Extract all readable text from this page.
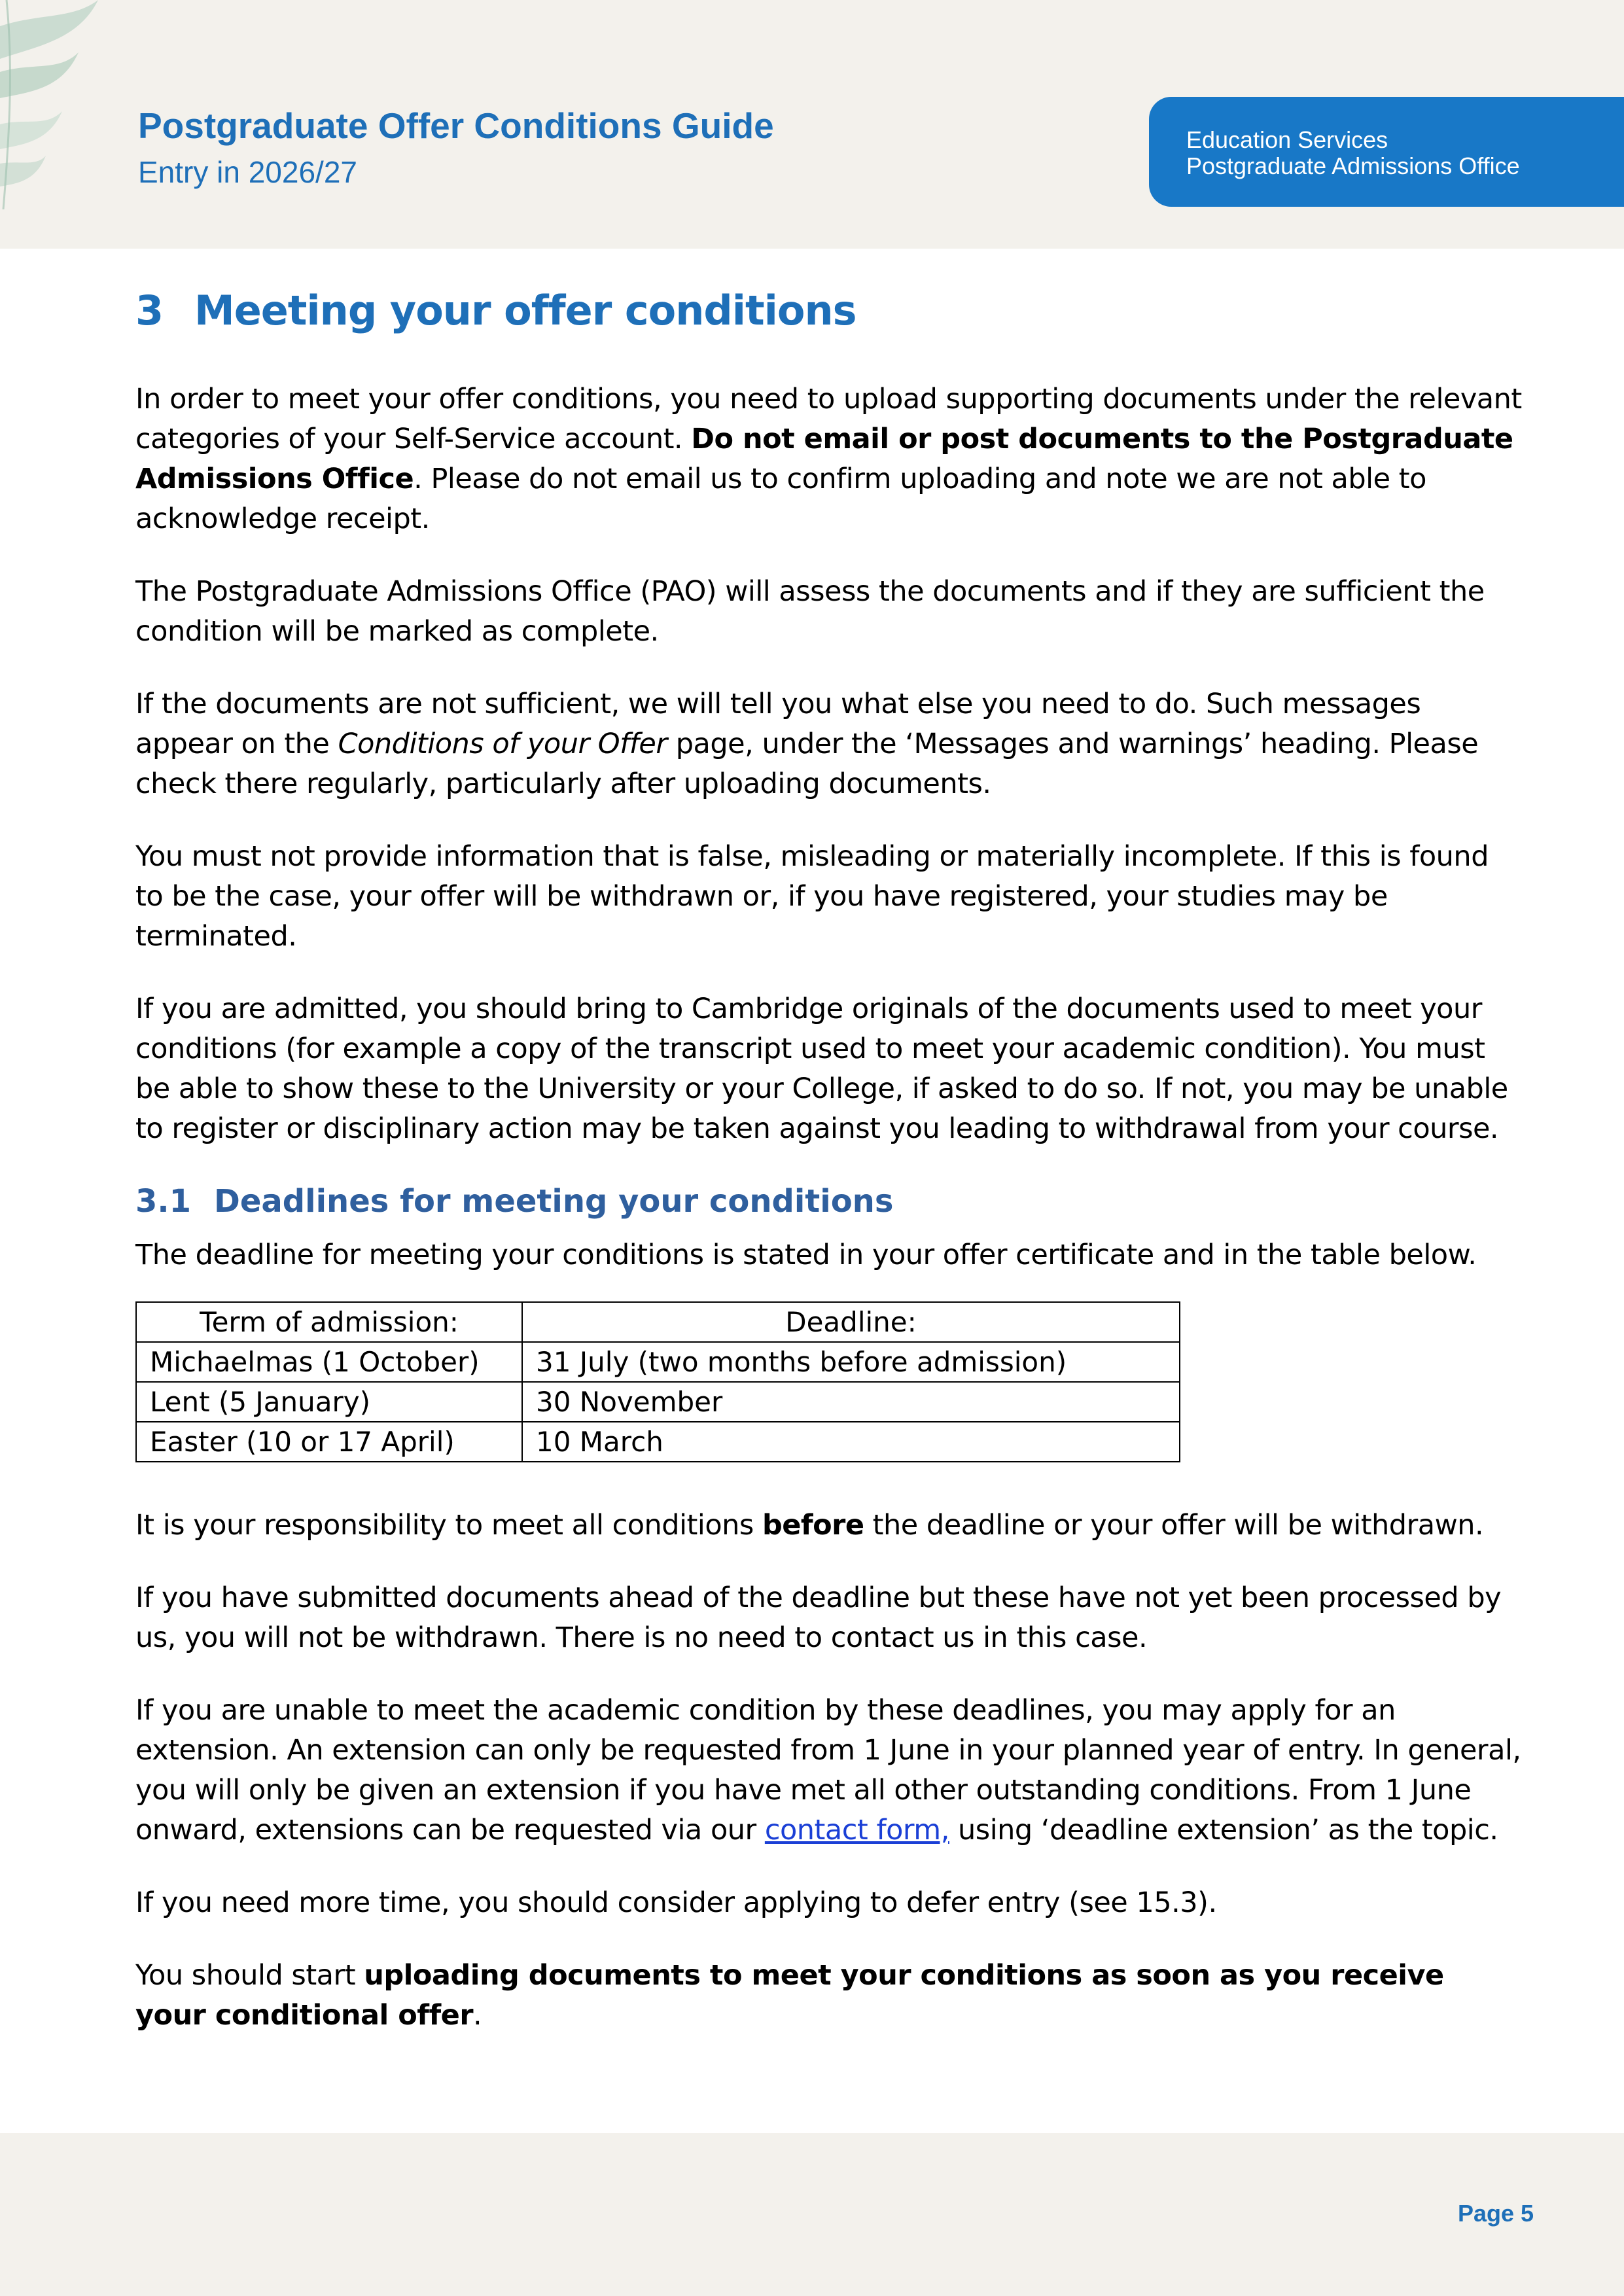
Postgraduate Offer Conditions Guide
Entry in 2026/27
Education Services
Postgraduate Admissions Office
3 Meeting your offer conditions

In order to meet your offer conditions, you need to upload supporting documents under the relevant categories of your Self-Service account. Do not email or post documents to the Postgraduate Admissions Office. Please do not email us to confirm uploading and note we are not able to acknowledge receipt.

The Postgraduate Admissions Office (PAO) will assess the documents and if they are sufficient the condition will be marked as complete.

If the documents are not sufficient, we will tell you what else you need to do. Such messages appear on the Conditions of your Offer page, under the ‘Messages and warnings’ heading. Please check there regularly, particularly after uploading documents.

You must not provide information that is false, misleading or materially incomplete. If this is found to be the case, your offer will be withdrawn or, if you have registered, your studies may be terminated.

If you are admitted, you should bring to Cambridge originals of the documents used to meet your conditions (for example a copy of the transcript used to meet your academic condition). You must be able to show these to the University or your College, if asked to do so. If not, you may be unable to register or disciplinary action may be taken against you leading to withdrawal from your course.

3.1 Deadlines for meeting your conditions

The deadline for meeting your conditions is stated in your offer certificate and in the table below.

Term of admission:	Deadline:
Michaelmas (1 October)	31 July (two months before admission)
Lent (5 January)	30 November
Easter (10 or 17 April)	10 March

It is your responsibility to meet all conditions before the deadline or your offer will be withdrawn.

If you have submitted documents ahead of the deadline but these have not yet been processed by us, you will not be withdrawn. There is no need to contact us in this case.

If you are unable to meet the academic condition by these deadlines, you may apply for an extension. An extension can only be requested from 1 June in your planned year of entry. In general, you will only be given an extension if you have met all other outstanding conditions. From 1 June onward, extensions can be requested via our contact form, using ‘deadline extension’ as the topic.

If you need more time, you should consider applying to defer entry (see 15.3).

You should start uploading documents to meet your conditions as soon as you receive your conditional offer.

Page 5
